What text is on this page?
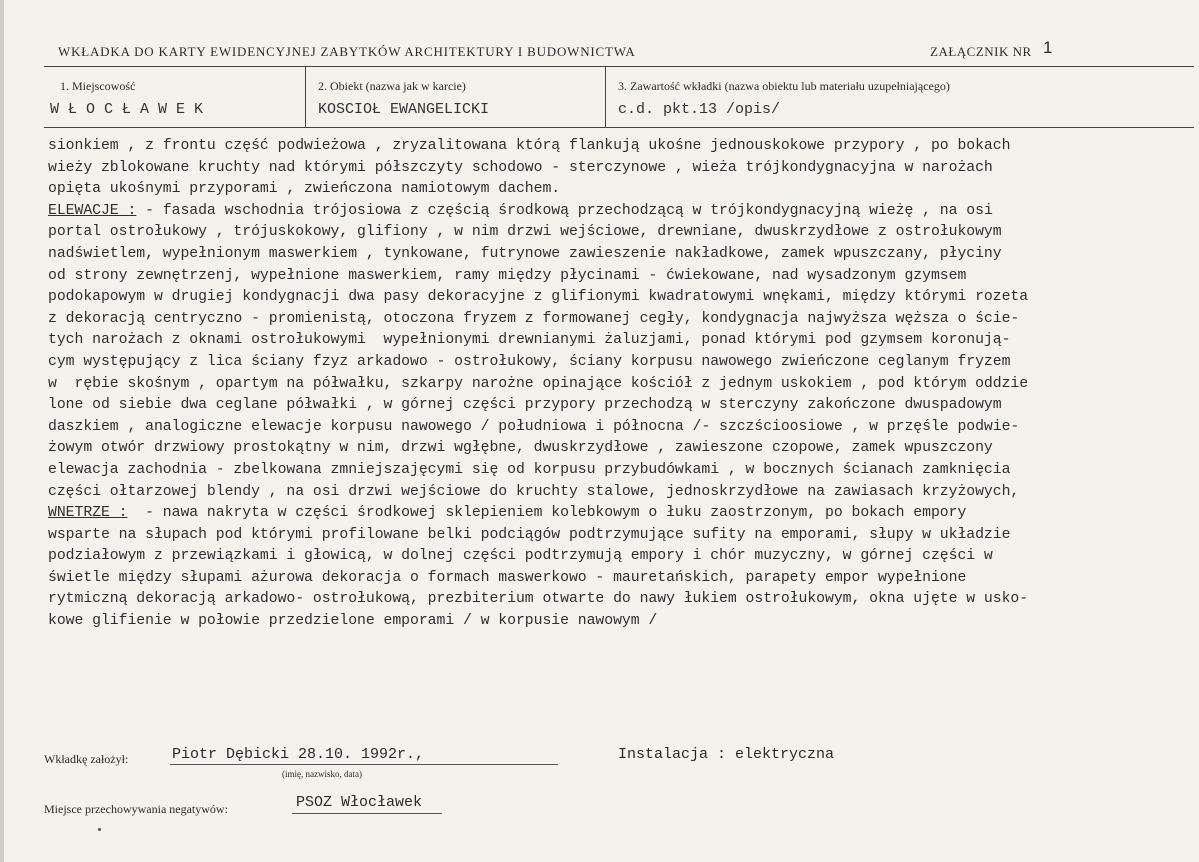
WKŁADKA DO KARTY EWIDENCYJNEJ ZABYTKÓW ARCHITEKTURY I BUDOWNICTWA	ZAŁĄCZNIK NR 1
1. Miejscowość
WŁOCŁAWEK
2. Obiekt (nazwa jak w karcie)
KOSCIOŁ EWANGELICKI
3. Zawartość wkładki (nazwa obiektu lub materiału uzupełniającego)
c.d. pkt.13 /opis/
sionkiem , z frontu część podwieżowa , zryzalitowana którą flankują ukośne jednouskokowe przypory , po bokach
wieży zblokowane kruchty nad którymi półszczyty schodowo - sterczynowe , wieża trójkondygnacyjna w narożach
opięta ukośnymi przyporami , zwieńczona namiotowym dachem.
ELEWACJE : - fasada wschodnia trójosiowa z częścią środkową przechodzącą w trójkondygnacyjną wieżę , na osi
portal ostrołukowy , trójuskokowy, glifiony , w nim drzwi wejściowe, drewniane, dwuskrzydłowe z ostrołukowym
nadświetlem, wypełnionym maswerkiem , tynkowane, futrynowe zawieszenie nakładkowe, zamek wpuszczany, płyciny
od strony zewnętrzenj, wypełnione maswerkiem, ramy między płycinami - ćwiekowane, nad wysadzonym gzymsem
podokapowym w drugiej kondygnacji dwa pasy dekoracyjne z glifionymi kwadratowymi wnękami, między którymi rozeta
z dekoracją centryczno - promienistą, otoczona fryzem z formowanej cegły, kondygnacja najwyższa węższa o ście-
tych narożach z oknami ostrołukowymi  wypełnionymi drewnianymi żaluzjami, ponad którymi pod gzymsem koronują-
cym występujący z lica ściany fzyz arkadowo - ostrołukowy, ściany korpusu nawowego zwieńczone ceglanym fryzem
w  rębie skośnym , opartym na półwałku, szkarpy narożne opinające kościół z jednym uskokiem , pod którym oddzie
lone od siebie dwa ceglane półwałki , w górnej części przypory przechodzą w sterczyny zakończone dwuspadowym
daszkiem , analogiczne elewacje korpusu nawowego / południowa i północna /- szczścioosiowe , w przęśle podwie-
żowym otwór drzwiowy prostokątny w nim, drzwi wgłębne, dwuskrzydłowe , zawieszone czopowe, zamek wpuszczony
elewacja zachodnia - zbelkowana zmniejszajęcymi się od korpusu przybudówkami , w bocznych ścianach zamknięcia
części ołtarzowej blendy , na osi drzwi wejściowe do kruchty stalowe, jednoskrzydłowe na zawiasach krzyżowych,
WNETRZE :  - nawa nakryta w części środkowej sklepieniem kolebkowym o łuku zaostrzonym, po bokach empory
wsparte na słupach pod którymi profilowane belki podciągów podtrzymujące sufity na emporami, słupy w układzie
podziałowym z przewiązkami i głowicą, w dolnej części podtrzymują empory i chór muzyczny, w górnej części w
świetle między słupami ażurowa dekoracja o formach maswerkowo - mauretańskich, parapety empor wypełnione
rytmiczną dekoracją arkadowo- ostrołukową, prezbiterium otwarte do nawy łukiem ostrołukowym, okna ujęte w usko-
kowe glifienie w połowie przedzielone emporami / w korpusie nawowym /
Wkładkę założył:	Piotr Dębicki 28.10. 1992r.,
(imię, nazwisko, data)
Instalacja : elektryczna
Miejsce przechowywania negatywów:	PSOZ Włocławek
